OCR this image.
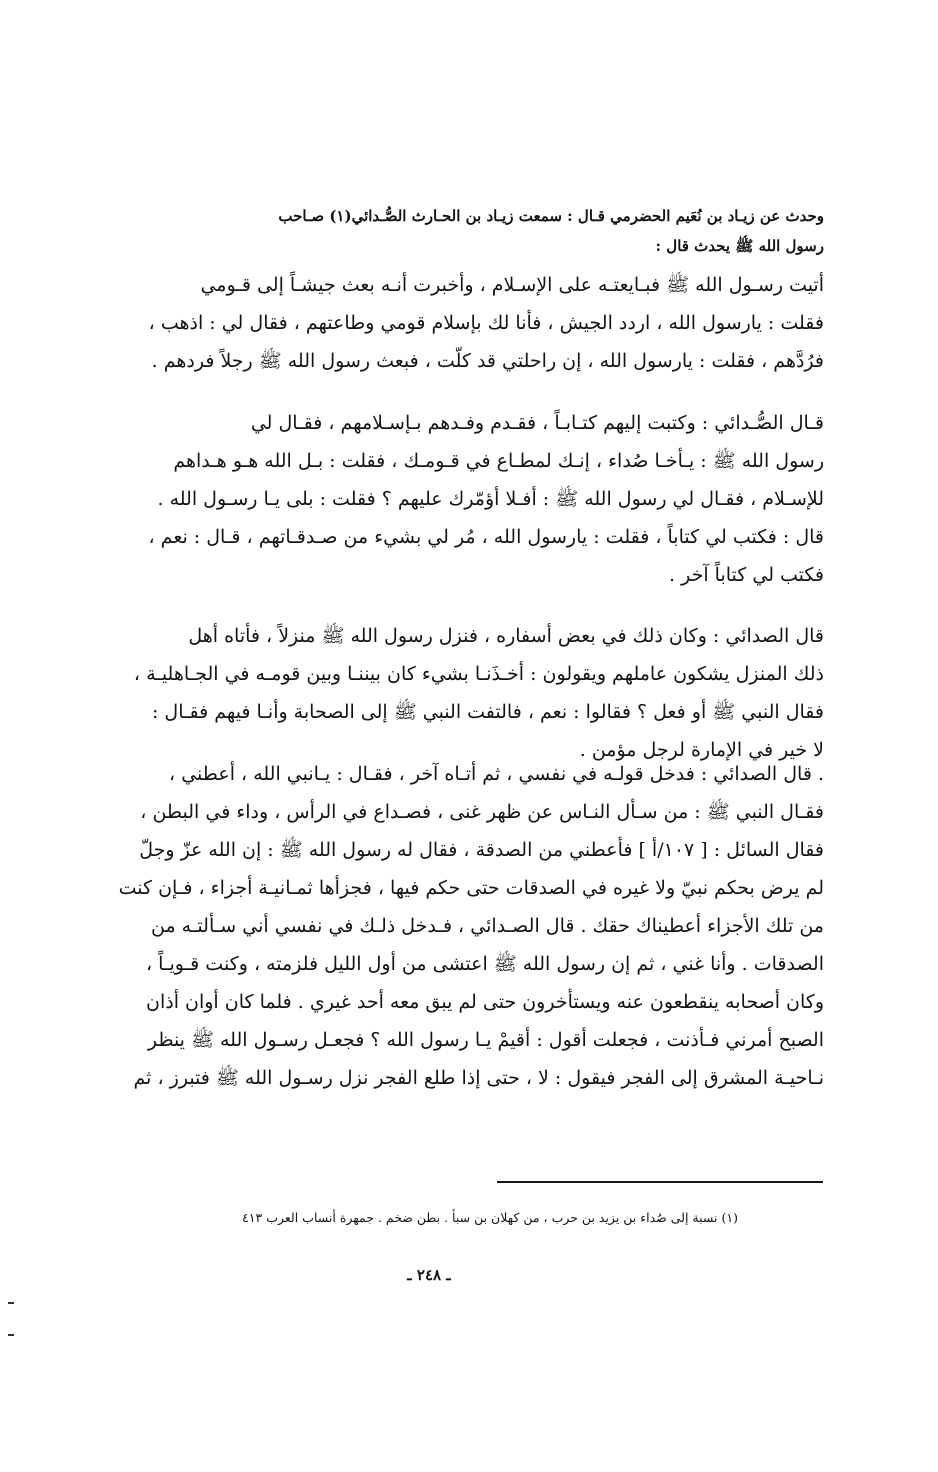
وحدث عن زيـاد بن نُعَيم الحضرمي قـال : سمعت زيـاد بن الحـارث الصُّـدائي(١) صـاحب
رسول الله ﷺ يحدث قال :
أتيت رسـول الله ﷺ فبـايعتـه على الإسـلام ، وأخبرت أنـه بعث جيشـاً إلى قـومي
فقلت : يارسول الله ، اردد الجيش ، فأنا لك بإسلام قومي وطاعتهم ، فقال لي : اذهب ،
فرُدَّهم ، فقلت : يارسول الله ، إن راحلتي قد كلّت ، فبعث رسول الله ﷺ رجلاً فردهم .
قـال الصُّـدائي : وكتبت إليهم كتـابـاً ، فقـدم وفـدهم بـإسـلامهم ، فقـال لي
رسول الله ﷺ : يـأخـا صُداء ، إنـك لمطـاع في قـومـك ، فقلت : بـل الله هـو هـداهم
للإسـلام ، فقـال لي رسول الله ﷺ : أفـلا أؤمّرك عليهم ؟ فقلت : بلى يـا رسـول الله .
قال : فكتب لي كتاباً ، فقلت : يارسول الله ، مُر لي بشيء من صـدقـاتهم ، قـال : نعم ،
فكتب لي كتاباً آخر .
قال الصدائي : وكان ذلك في بعض أسفاره ، فنزل رسول الله ﷺ منزلاً ، فأتاه أهل
ذلك المنزل يشكون عاملهم ويقولون : أخـذَنـا بشيء كان بيننـا وبين قومـه في الجـاهليـة ،
فقال النبي ﷺ أو فعل ؟ فقالوا : نعم ، فالتفت النبي ﷺ إلى الصحابة وأنـا فيهم فقـال :
لا خير في الإمارة لرجل مؤمن .
. قال الصدائي : فدخل قولـه في نفسي ، ثم أتـاه آخر ، فقـال : يـانبي الله ، أعطني ،
فقـال النبي ﷺ : من سـأل النـاس عن ظهر غنى ، فصـداع في الرأس ، وداء في البطن ،
فقال السائل : [ ١٠٧/أ ] فأعطني من الصدقة ، فقال له رسول الله ﷺ : إن الله عزّ وجلّ
لم يرض بحكم نبيّ ولا غيره في الصدقات حتى حكم فيها ، فجزأها ثمـانيـة أجزاء ، فـإن كنت
من تلك الأجزاء أعطيناك حقك . قال الصـدائي ، فـدخل ذلـك في نفسي أني سـألتـه من
الصدقات . وأنا غني ، ثم إن رسول الله ﷺ اعتشى من أول الليل فلزمته ، وكنت قـويـاً ،
وكان أصحابه ينقطعون عنه ويستأخرون حتى لم يبق معه أحد غيري . فلما كان أوان أذان
الصبح أمرني فـأذنت ، فجعلت أقول : أقيمْ يـا رسول الله ؟ فجعـل رسـول الله ﷺ ينظر
نـاحيـة المشرق إلى الفجر فيقول : لا ، حتى إذا طلع الفجر نزل رسـول الله ﷺ فتبرز ، ثم
(١) نسبة إلى صُداء بن يزيد بن حرب ، من كهلان بن سبأ . بطن ضخم . جمهرة أنساب العرب ٤١٣
ـ ٢٤٨ ـ
